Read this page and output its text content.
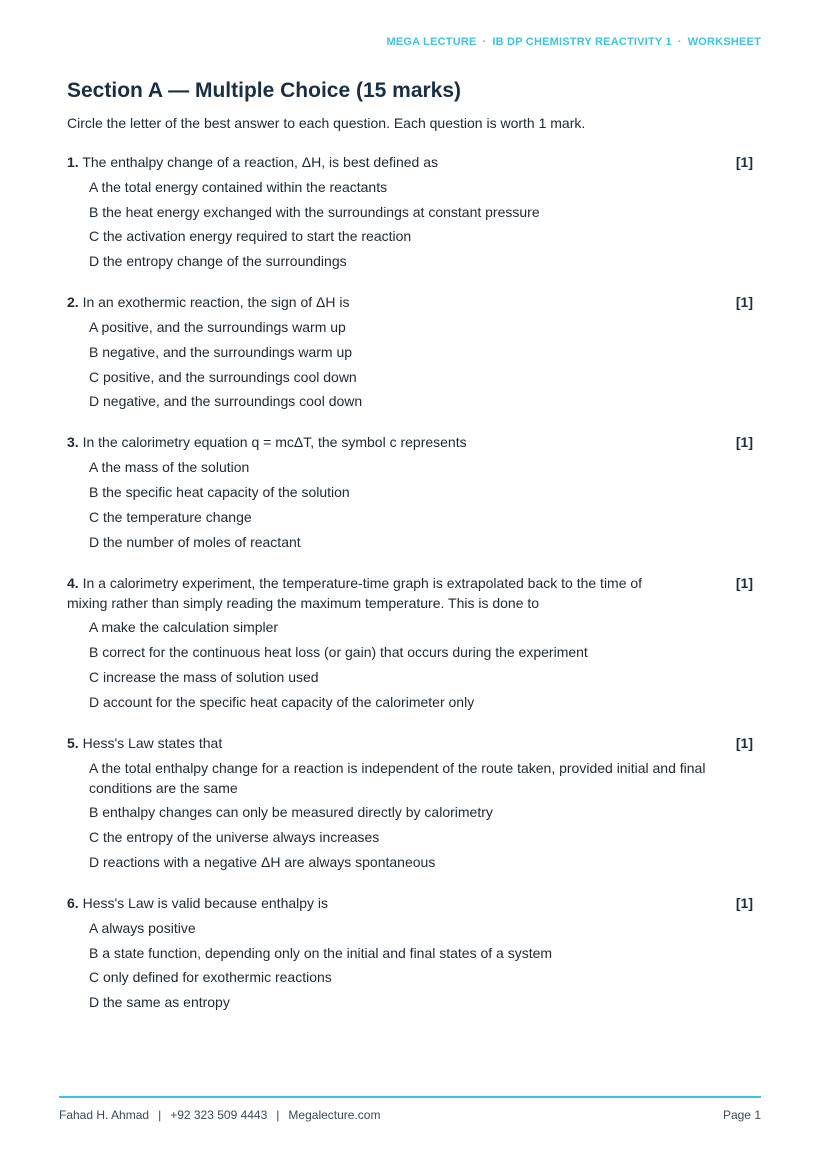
MEGA LECTURE · IB DP CHEMISTRY REACTIVITY 1 · WORKSHEET
Section A — Multiple Choice (15 marks)
Circle the letter of the best answer to each question. Each question is worth 1 mark.
1. The enthalpy change of a reaction, ΔH, is best defined as	[1]
A the total energy contained within the reactants
B the heat energy exchanged with the surroundings at constant pressure
C the activation energy required to start the reaction
D the entropy change of the surroundings
2. In an exothermic reaction, the sign of ΔH is	[1]
A positive, and the surroundings warm up
B negative, and the surroundings warm up
C positive, and the surroundings cool down
D negative, and the surroundings cool down
3. In the calorimetry equation q = mcΔT, the symbol c represents	[1]
A the mass of the solution
B the specific heat capacity of the solution
C the temperature change
D the number of moles of reactant
4. In a calorimetry experiment, the temperature-time graph is extrapolated back to the time of mixing rather than simply reading the maximum temperature. This is done to
[1]
A make the calculation simpler
B correct for the continuous heat loss (or gain) that occurs during the experiment
C increase the mass of solution used
D account for the specific heat capacity of the calorimeter only
5. Hess's Law states that	[1]
A the total enthalpy change for a reaction is independent of the route taken, provided initial and final conditions are the same
B enthalpy changes can only be measured directly by calorimetry
C the entropy of the universe always increases
D reactions with a negative ΔH are always spontaneous
6. Hess's Law is valid because enthalpy is	[1]
A always positive
B a state function, depending only on the initial and final states of a system
C only defined for exothermic reactions
D the same as entropy
Fahad H. Ahmad | +92 323 509 4443 | Megalecture.com	Page 1
